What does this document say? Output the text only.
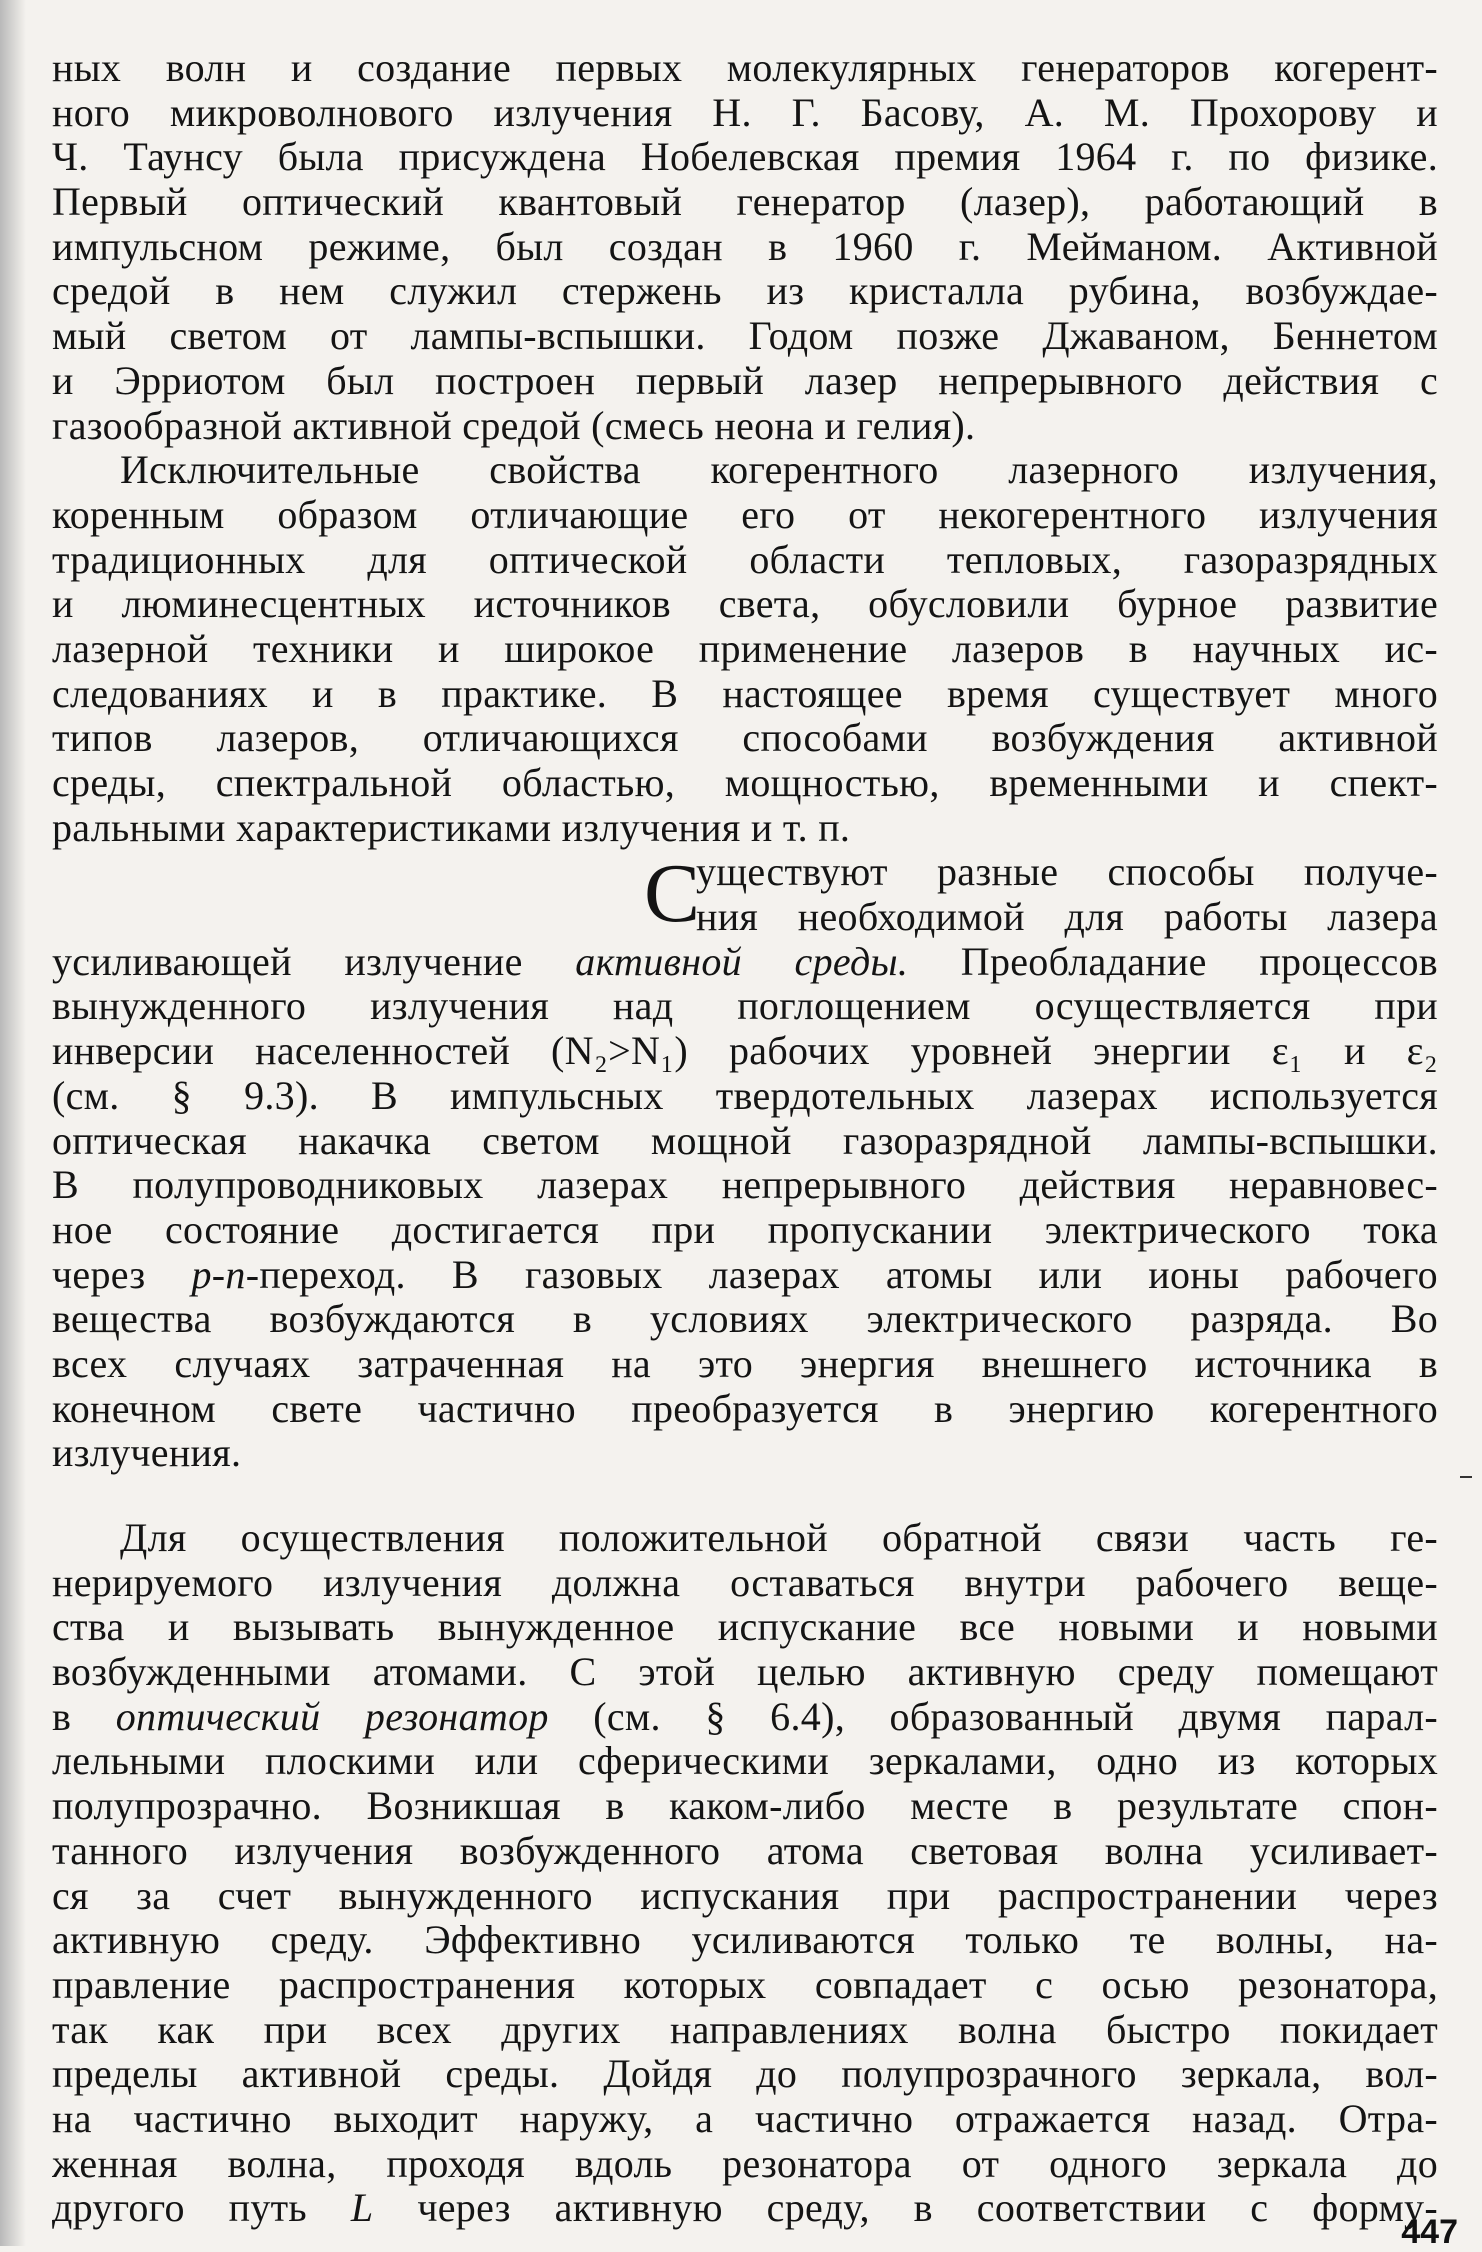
ных волн и создание первых молекулярных генераторов когерент-
ного микроволнового излучения Н. Г. Басову, А. М. Прохорову и
Ч. Таунсу была присуждена Нобелевская премия 1964 г. по физике.
Первый оптический квантовый генератор (лазер), работающий в
импульсном режиме, был создан в 1960 г. Мейманом. Активной
средой в нем служил стержень из кристалла рубина, возбуждае-
мый светом от лампы-вспышки. Годом позже Джаваном, Беннетом
и Эрриотом был построен первый лазер непрерывного действия с
газообразной активной средой (смесь неона и гелия).

Исключительные свойства когерентного лазерного излучения,
коренным образом отличающие его от некогерентного излучения
традиционных для оптической области тепловых, газоразрядных
и люминесцентных источников света, обусловили бурное развитие
лазерной техники и широкое применение лазеров в научных ис-
следованиях и в практике. В настоящее время существует много
типов лазеров, отличающихся способами возбуждения активной
среды, спектральной областью, мощностью, временными и спект-
ральными характеристиками излучения и т. п.

С
уществуют разные способы получе-
ния необходимой для работы лазера
усиливающей излучение активной среды. Преобладание процессов
вынужденного излучения над поглощением осуществляется при
инверсии населенностей (N₂>N₁) рабочих уровней энергии ε₁ и ε₂
(см. § 9.3). В импульсных твердотельных лазерах используется
оптическая накачка светом мощной газоразрядной лампы-вспышки.
В полупроводниковых лазерах непрерывного действия неравновес-
ное состояние достигается при пропускании электрического тока
через p-n-переход. В газовых лазерах атомы или ионы рабочего
вещества возбуждаются в условиях электрического разряда. Во
всех случаях затраченная на это энергия внешнего источника в
конечном свете частично преобразуется в энергию когерентного
излучения.

Для осуществления положительной обратной связи часть ге-
нерируемого излучения должна оставаться внутри рабочего веще-
ства и вызывать вынужденное испускание все новыми и новыми
возбужденными атомами. С этой целью активную среду помещают
в оптический резонатор (см. § 6.4), образованный двумя парал-
лельными плоскими или сферическими зеркалами, одно из которых
полупрозрачно. Возникшая в каком-либо месте в результате спон-
танного излучения возбужденного атома световая волна усиливает-
ся за счет вынужденного испускания при распространении через
активную среду. Эффективно усиливаются только те волны, на-
правление распространения которых совпадает с осью резонатора,
так как при всех других направлениях волна быстро покидает
пределы активной среды. Дойдя до полупрозрачного зеркала, вол-
на частично выходит наружу, а частично отражается назад. Отра-
женная волна, проходя вдоль резонатора от одного зеркала до
другого путь L через активную среду, в соответствии с форму-

447
